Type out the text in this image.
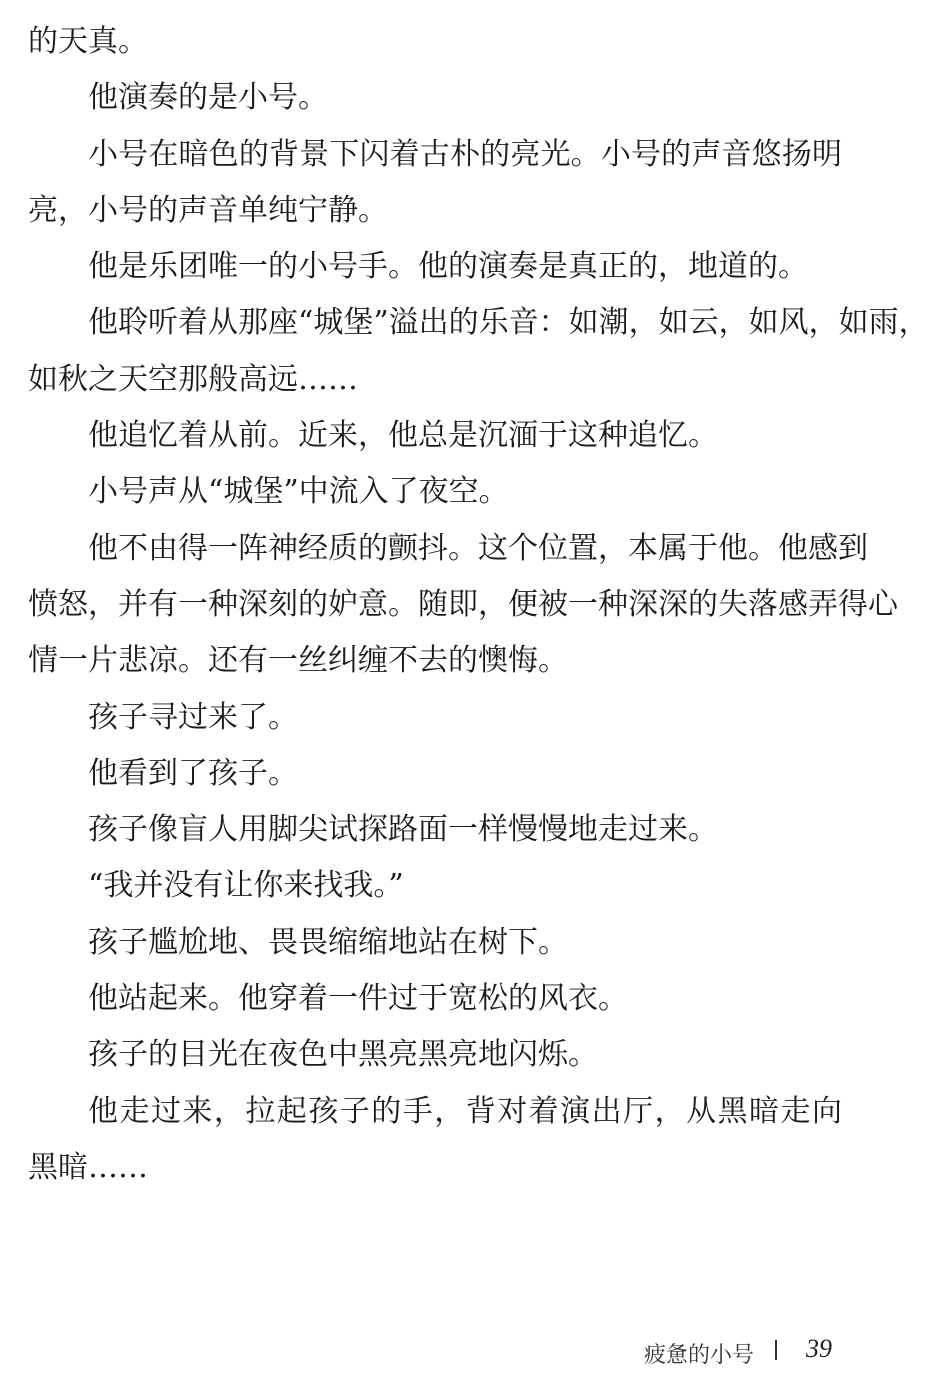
的天真。
他演奏的是小号。
小号在暗色的背景下闪着古朴的亮光。小号的声音悠扬明
亮，小号的声音单纯宁静。
他是乐团唯一的小号手。他的演奏是真正的，地道的。
他聆听着从那座“城堡”溢出的乐音：如潮，如云，如风，如雨，
如秋之天空那般高远……
他追忆着从前。近来，他总是沉湎于这种追忆。
小号声从“城堡”中流入了夜空。
他不由得一阵神经质的颤抖。这个位置，本属于他。他感到
愤怒，并有一种深刻的妒意。随即，便被一种深深的失落感弄得心
情一片悲凉。还有一丝纠缠不去的懊悔。
孩子寻过来了。
他看到了孩子。
孩子像盲人用脚尖试探路面一样慢慢地走过来。
“我并没有让你来找我。”
孩子尴尬地、畏畏缩缩地站在树下。
他站起来。他穿着一件过于宽松的风衣。
孩子的目光在夜色中黑亮黑亮地闪烁。
他走过来，拉起孩子的手，背对着演出厅，从黑暗走向
黑暗……
疲惫的小号 39
